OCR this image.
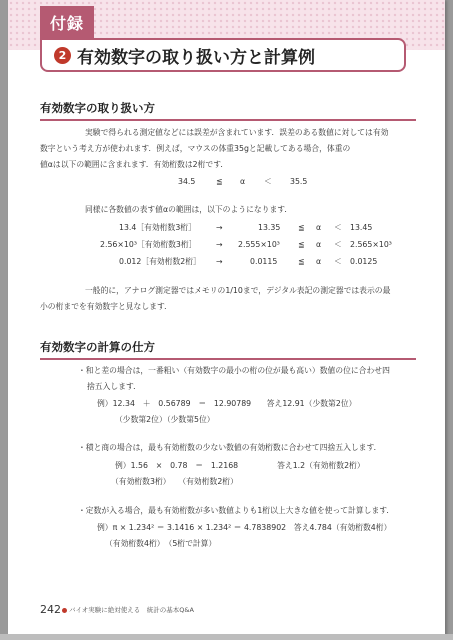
付録
2 有効数字の取り扱い方と計算例
有効数字の取り扱い方
実験で得られる測定値などには誤差が含まれています．誤差のある数値に対しては有効
数字という考え方が使われます．例えば，マウスの体重35gと記載してある場合，体重の
値αは以下の範囲に含まれます．有効桁数は2桁です．
34.5	≦ α ＜ 35.5
同様に各数値の表す値αの範囲は，以下のようになります．
13.4［有効桁数3桁］	→	13.35 ≦ α ＜ 13.45
2.56×10³［有効桁数3桁］	→ 2.555×10³ ≦ α ＜ 2.565×10³
0.012［有効桁数2桁］ →	0.0115	≦ α ＜ 0.0125
一般的に，アナログ測定器ではメモリの1/10まで，デジタル表記の測定器では表示の最
小の桁までを有効数字と見なします．
有効数字の計算の仕方
・和と差の場合は，一番粗い（有効数字の最小の桁の位が最も高い）数値の位に合わせ四
捨五入します．
例）12.34　＋　0.56789　＝　12.90789　　答え12.91（少数第2位）
（少数第2位）（少数第5位）
・積と商の場合は，最も有効桁数の少ない数値の有効桁数に合わせて四捨五入します．
例）1.56　×　0.78　＝　1.2168　　　　　答え1.2（有効桁数2桁）
（有効桁数3桁）　　（有効桁数2桁）
・定数が入る場合，最も有効桁数が多い数値よりも1桁以上大きな値を使って計算します．
例）π × 1.234² ＝ 3.1416 × 1.234² ＝ 4.7838902　答え4.784（有効桁数4桁）
（有効桁数4桁）　（5桁で計算）
242 バイオ実験に絶対使える　統計の基本Q&A
